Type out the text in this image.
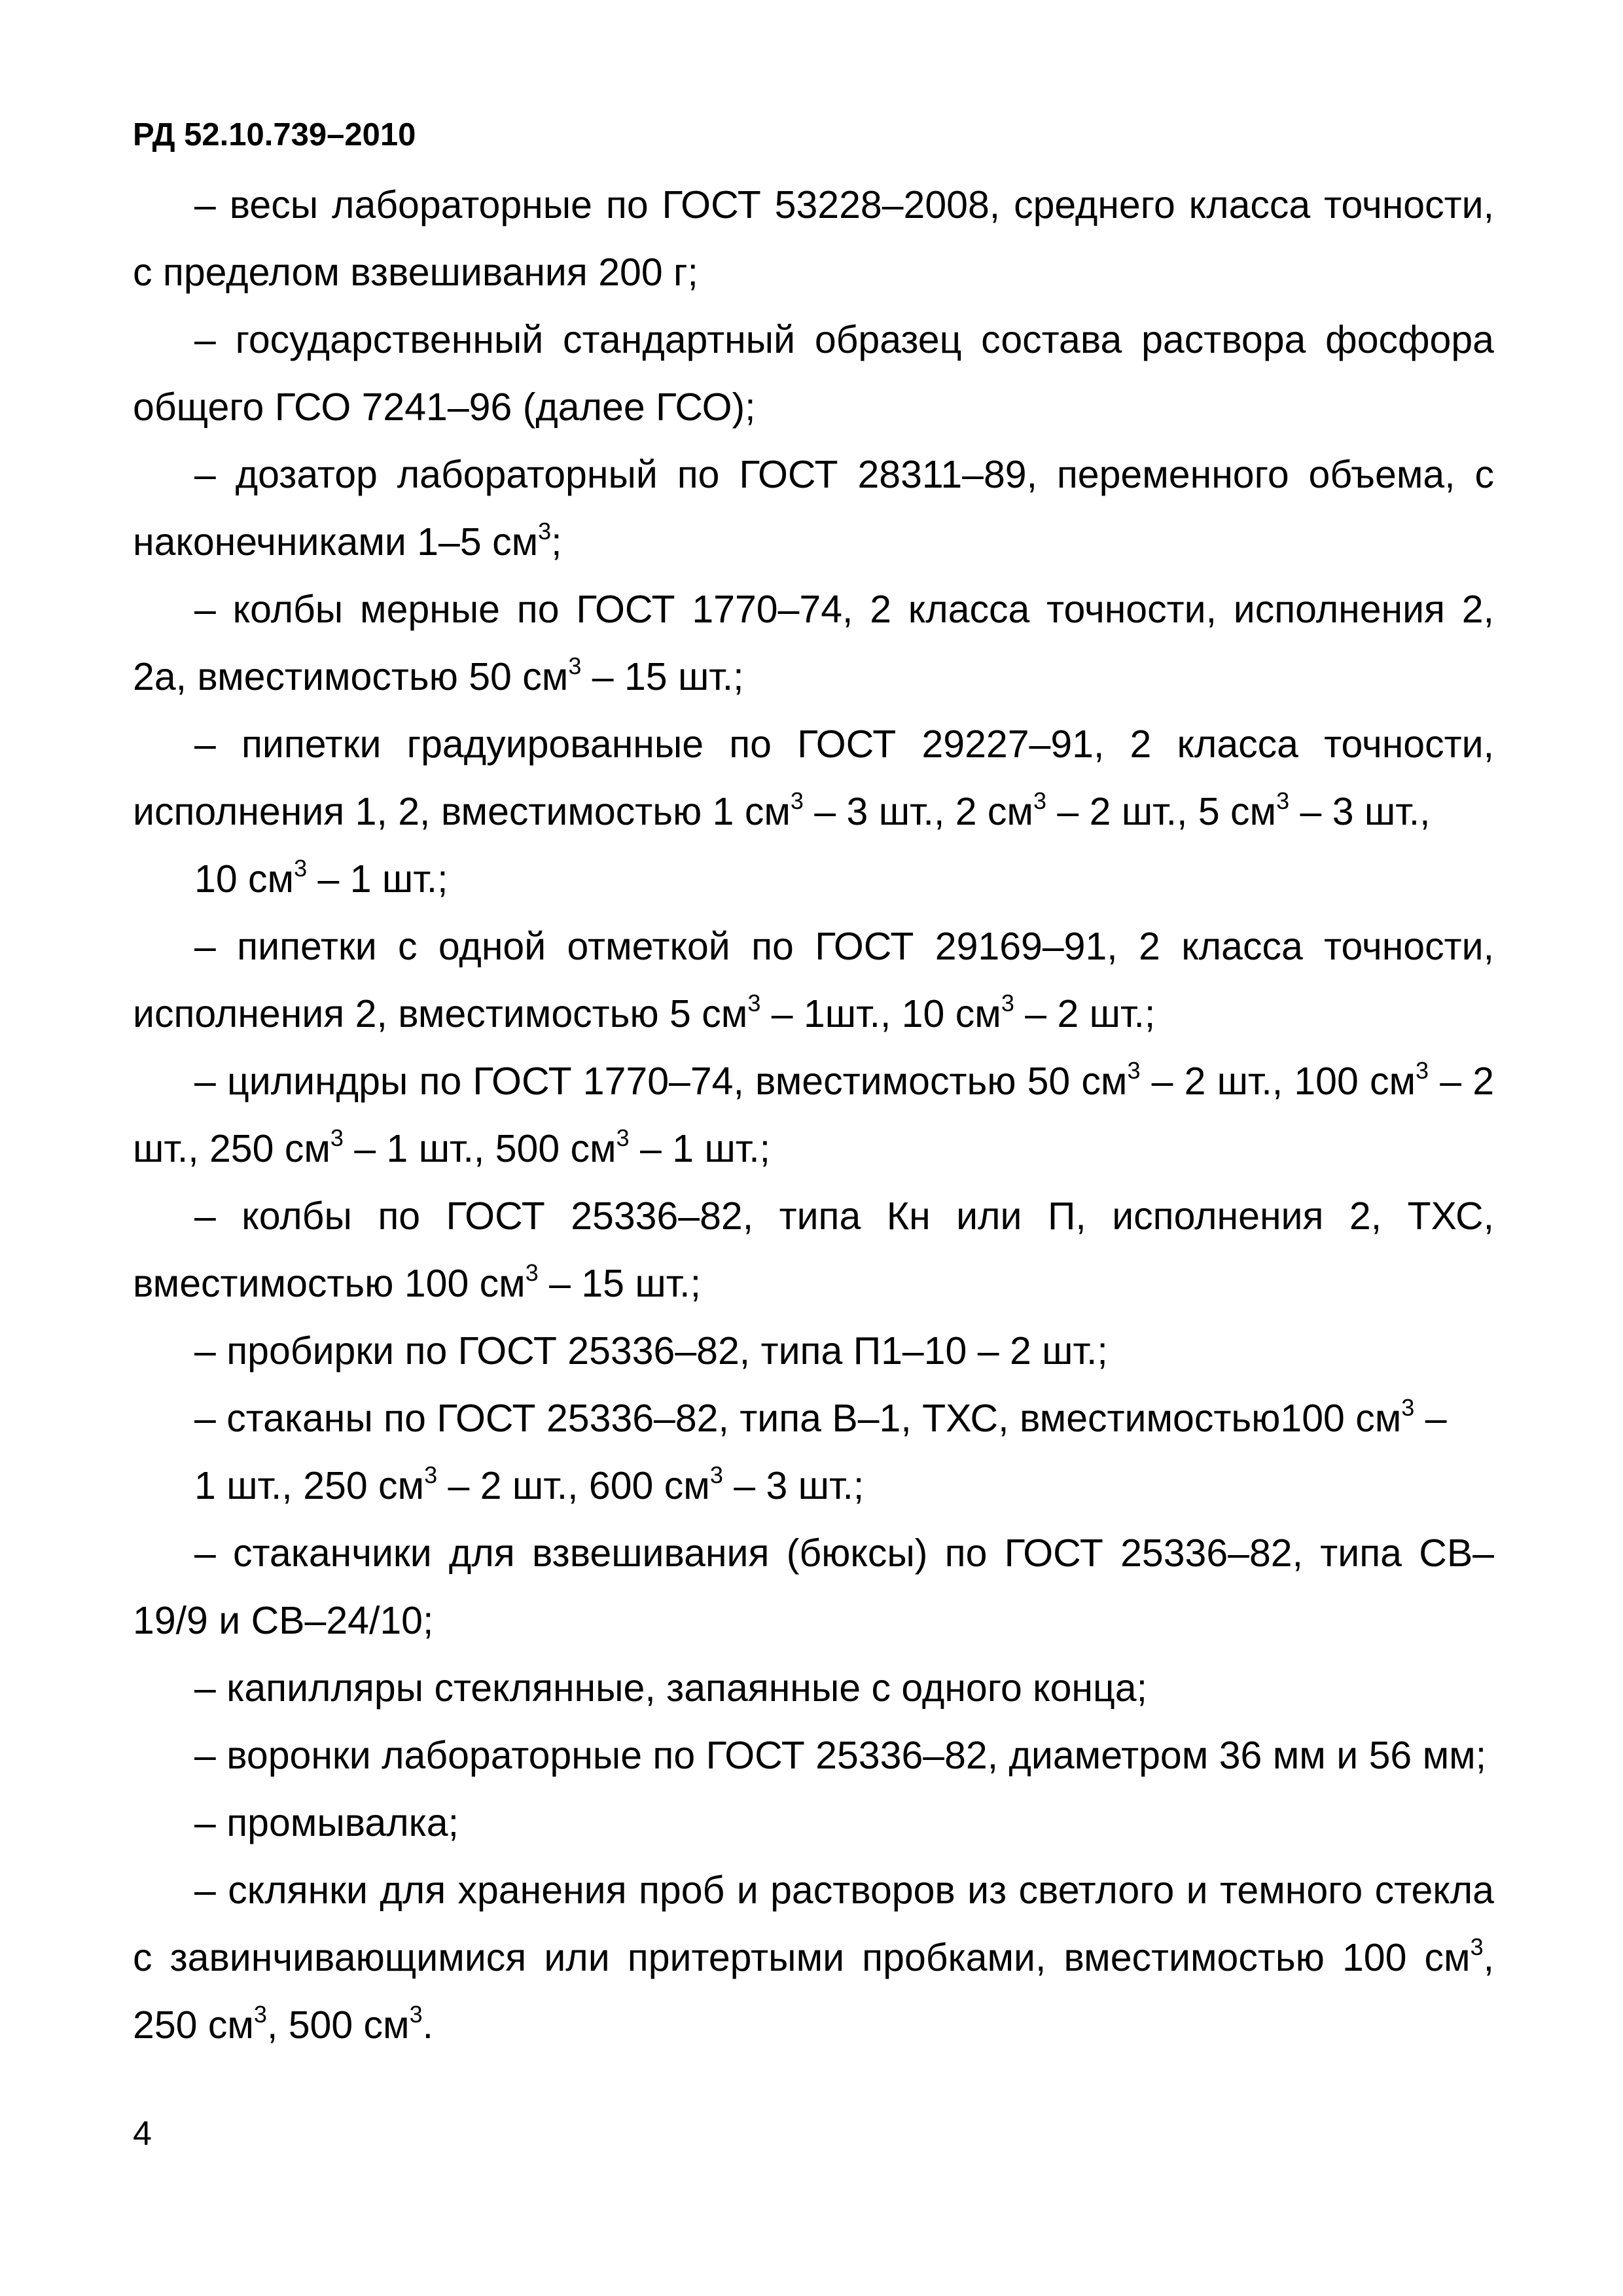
РД 52.10.739–2010

– весы лабораторные по ГОСТ 53228–2008, среднего класса точности, с пределом взвешивания 200 г;

– государственный стандартный образец состава раствора фосфора общего ГСО 7241–96 (далее ГСО);

– дозатор лабораторный по ГОСТ 28311–89, переменного объема, с наконечниками 1–5 $см^3$;

– колбы мерные по ГОСТ 1770–74, 2 класса точности, исполнения 2, 2а, вместимостью 50 $см^3 - 15$ шт.;

– пипетки градуированные по ГОСТ 29227–91, 2 класса точности, исполнения 1, 2, вместимостью 1 $см^3 - 3$ шт., 2 $см^3 - 2$ шт., 5 $см^3 - 3$ шт.,

10 $см^3 - 1$ шт.;

– пипетки с одной отметкой по ГОСТ 29169–91, 2 класса точности, исполнения 2, вместимостью 5 $см^3 - 1шт$., 10 $см^3 - 2$ шт.;

– цилиндры по ГОСТ 1770–74, вместимостью 50 $см^3 - 2$ шт., 100 $см^3 - 2$ шт., 250 $см^3 - 1$ шт., 500 $см^3 - 1$ шт.;

– колбы по ГОСТ 25336–82, типа Кн или П, исполнения 2, ТХС, вместимостью 100 $см^3 - 15$ шт.;

– пробирки по ГОСТ 25336–82, типа П1–10 – 2 шт.;

– стаканы по ГОСТ 25336–82, типа В–1, ТХС, вместимостью100 $см^3$ –

1 шт., 250 $см^3 - 2$ шт., 600 $см^3 - 3$ шт.;

– стаканчики для взвешивания (бюксы) по ГОСТ 25336–82, типа СВ–19/9 и СВ–24/10;

– капилляры стеклянные, запаянные с одного конца;

– воронки лабораторные по ГОСТ 25336–82, диаметром 36 мм и 56 мм;

– промывалка;

– склянки для хранения проб и растворов из светлого и темного стекла с завинчивающимися или притертыми пробками, вместимостью 100 $см^3$, 250 $см^3$, 500 $см^3$.

4
